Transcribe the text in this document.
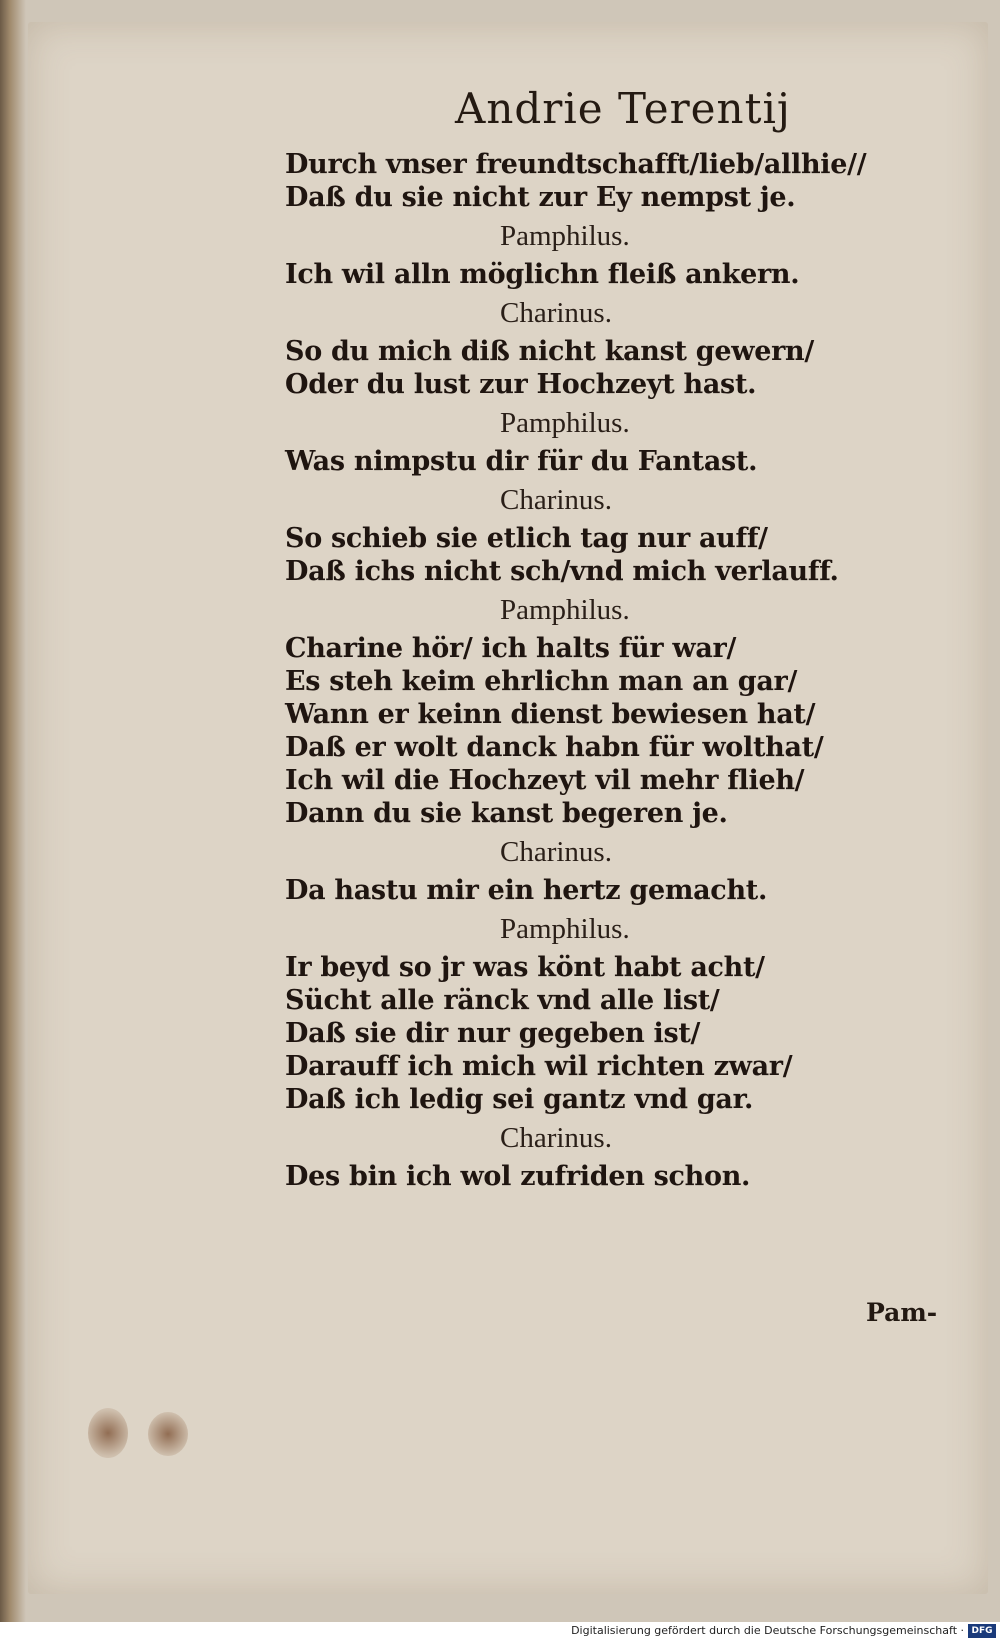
Andrie Terentij
Durch vnser freundtschafft/lieb/allhie//
Daß du sie nicht zur Ey nempst je.
Pamphilus.
Ich wil alln möglichn fleiß ankern.
Charinus.
So du mich diß nicht kanst gewern/
Oder du lust zur Hochzeyt hast.
Pamphilus.
Was nimpstu dir für du Fantast.
Charinus.
So schieb sie etlich tag nur auff/
Daß ichs nicht sch/vnd mich verlauff.
Pamphilus.
Charine hör/ ich halts für war/
Es steh keim ehrlichn man an gar/
Wann er keinn dienst bewiesen hat/
Daß er wolt danck habn für wolthat/
Ich wil die Hochzeyt vil mehr flieh/
Dann du sie kanst begeren je.
Charinus.
Da hastu mir ein hertz gemacht.
Pamphilus.
Ir beyd so jr was könt habt acht/
Sücht alle ränck vnd alle list/
Daß sie dir nur gegeben ist/
Darauff ich mich wil richten zwar/
Daß ich ledig sei gantz vnd gar.
Charinus.
Des bin ich wol zufriden schon.
Pam-
Digitalisierung gefördert durch die Deutsche Forschungsgemeinschaft · DFG
